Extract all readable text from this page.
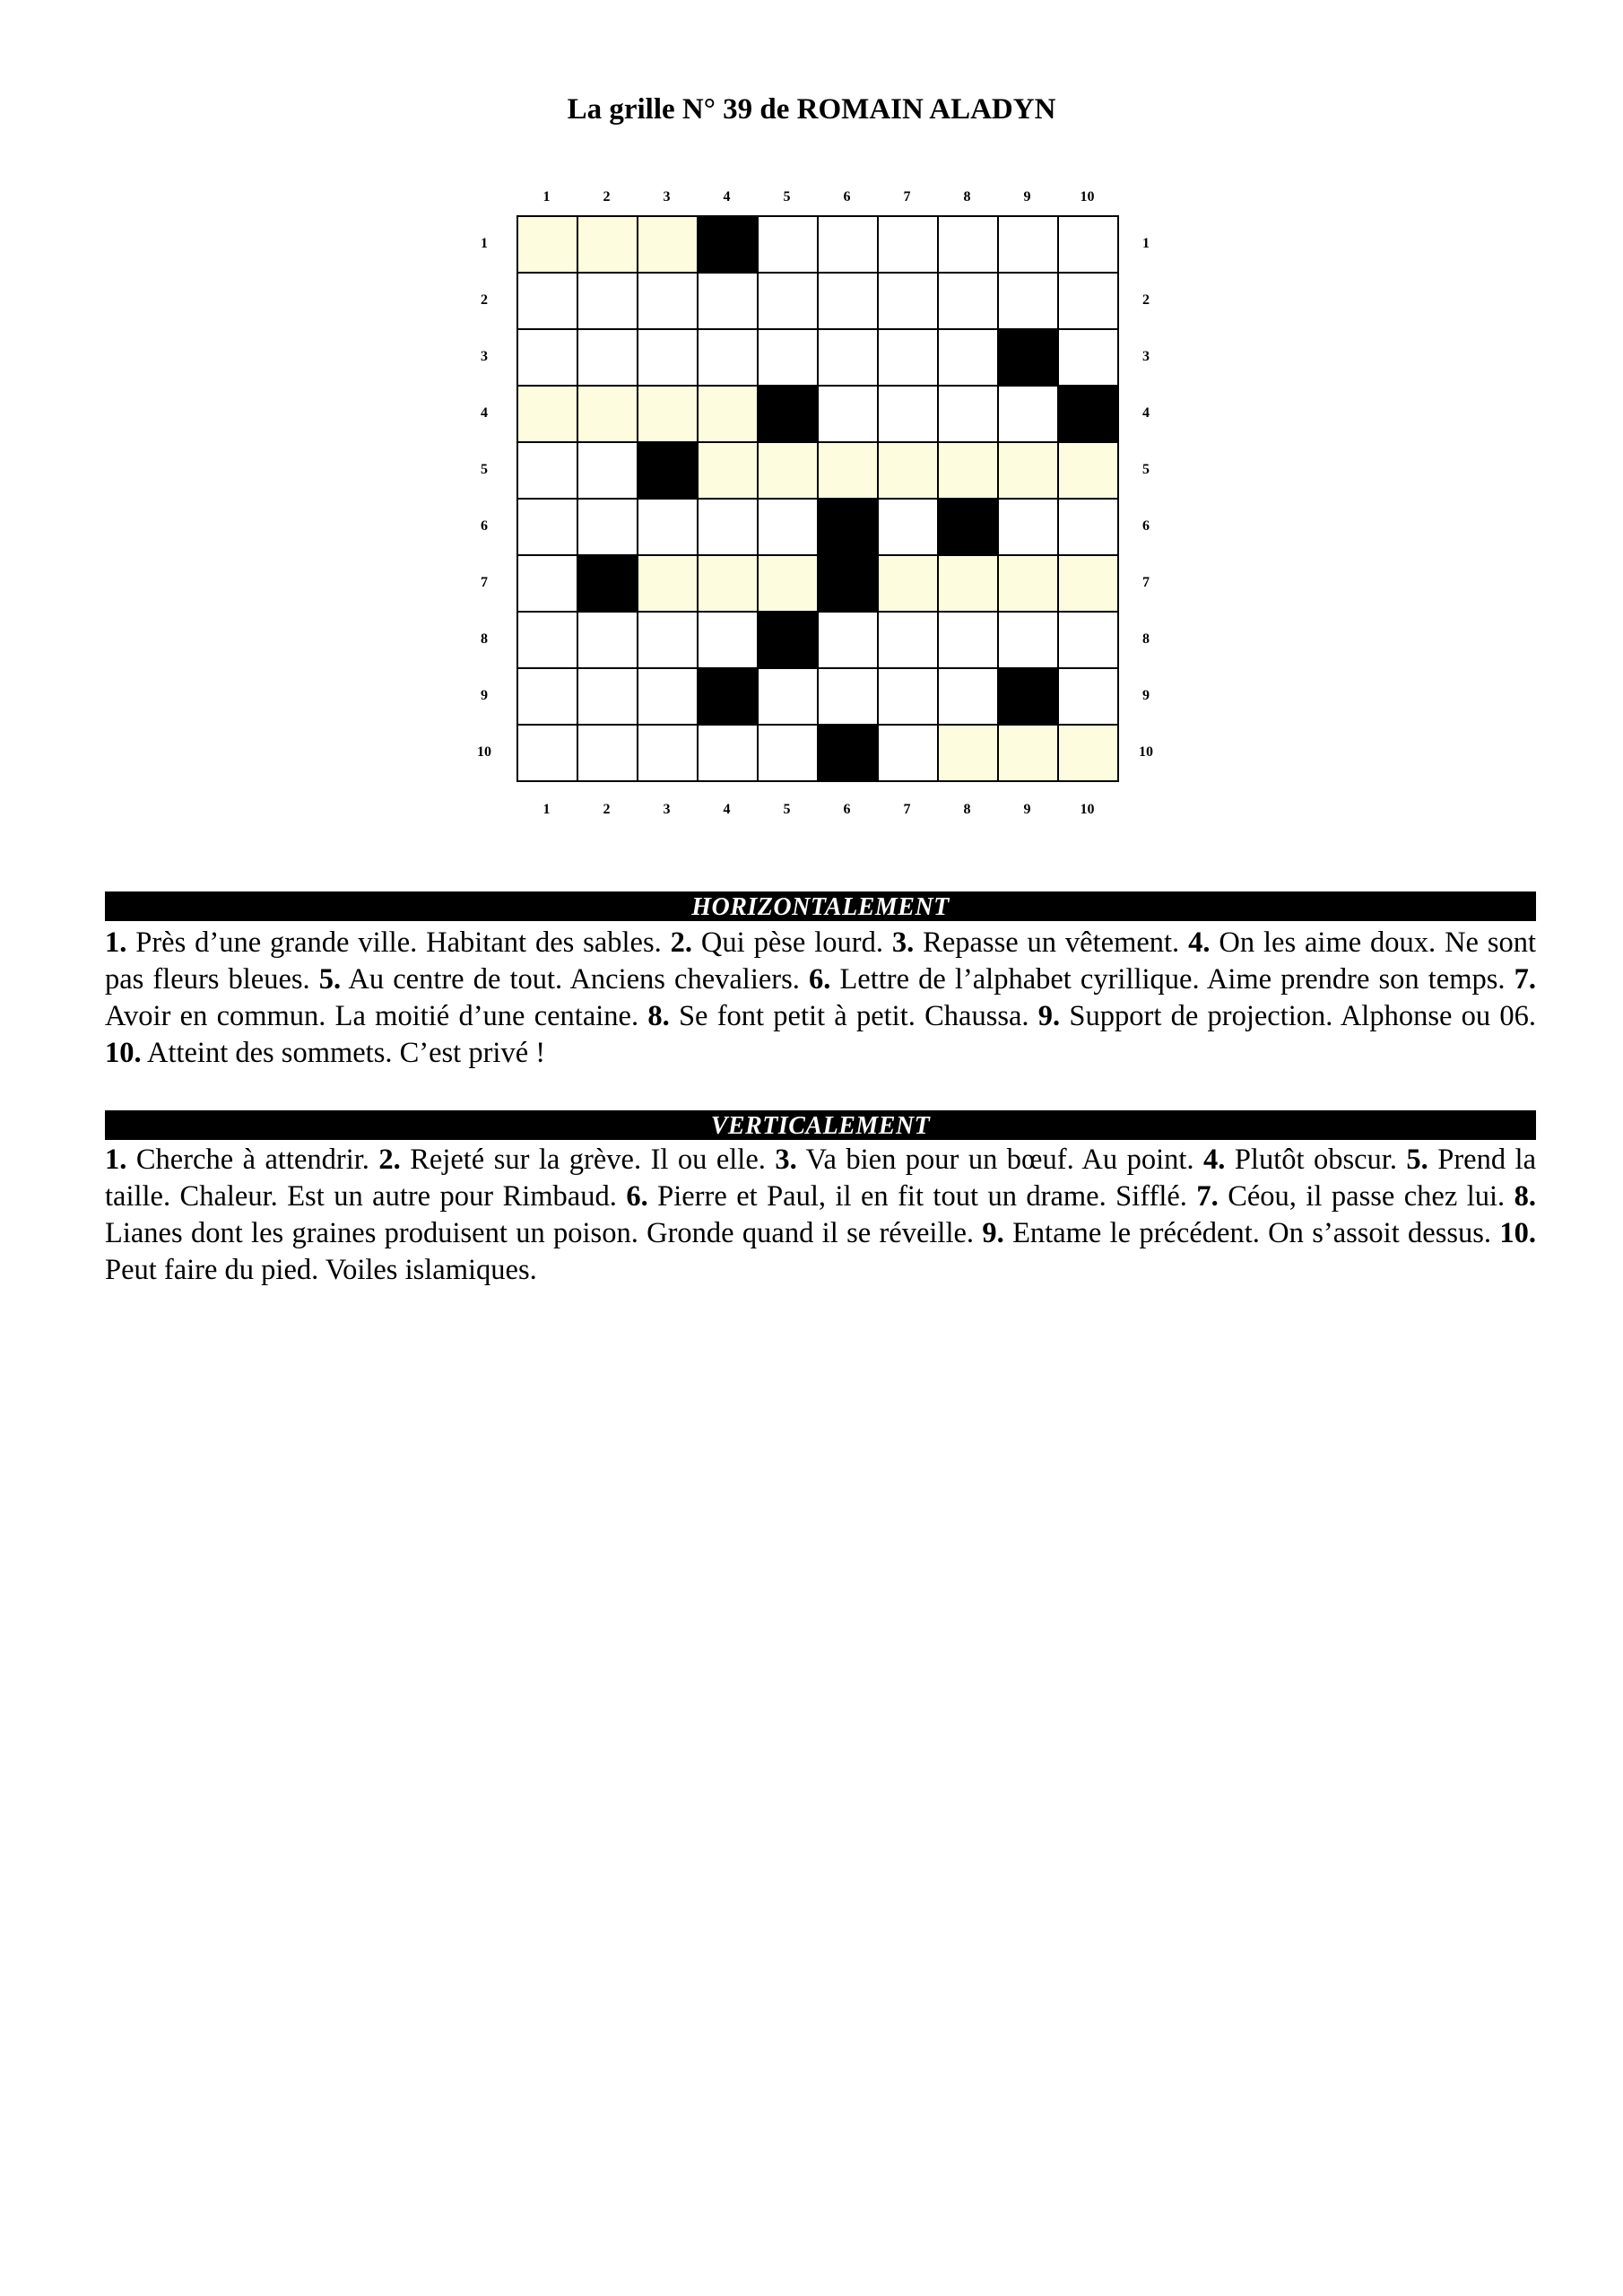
La grille N° 39 de ROMAIN ALADYN
1	2	3	4	5	6	7	8	9	10
1	2	3	4	5	6	7	8	9	10
1
2
3
4
5
6
7
8
9
10
1
2
3
4
5
6
7
8
9
10
HORIZONTALEMENT
1. Près d’une grande ville. Habitant des sables. 2. Qui pèse lourd. 3. Repasse un vêtement. 4. On les aime doux. Ne sont pas fleurs bleues. 5. Au centre de tout. Anciens chevaliers. 6. Lettre de l’alphabet cyrillique. Aime prendre son temps. 7. Avoir en commun. La moitié d’une centaine. 8. Se font petit à petit. Chaussa. 9. Support de projection. Alphonse ou 06. 10. Atteint des sommets. C’est privé !
VERTICALEMENT
1. Cherche à attendrir. 2. Rejeté sur la grève. Il ou elle. 3. Va bien pour un bœuf. Au point. 4. Plutôt obscur. 5. Prend la taille. Chaleur. Est un autre pour Rimbaud. 6. Pierre et Paul, il en fit tout un drame. Sifflé. 7. Céou, il passe chez lui. 8. Lianes dont les graines produisent un poison. Gronde quand il se réveille. 9. Entame le précédent. On s’assoit dessus. 10. Peut faire du pied. Voiles islamiques.
